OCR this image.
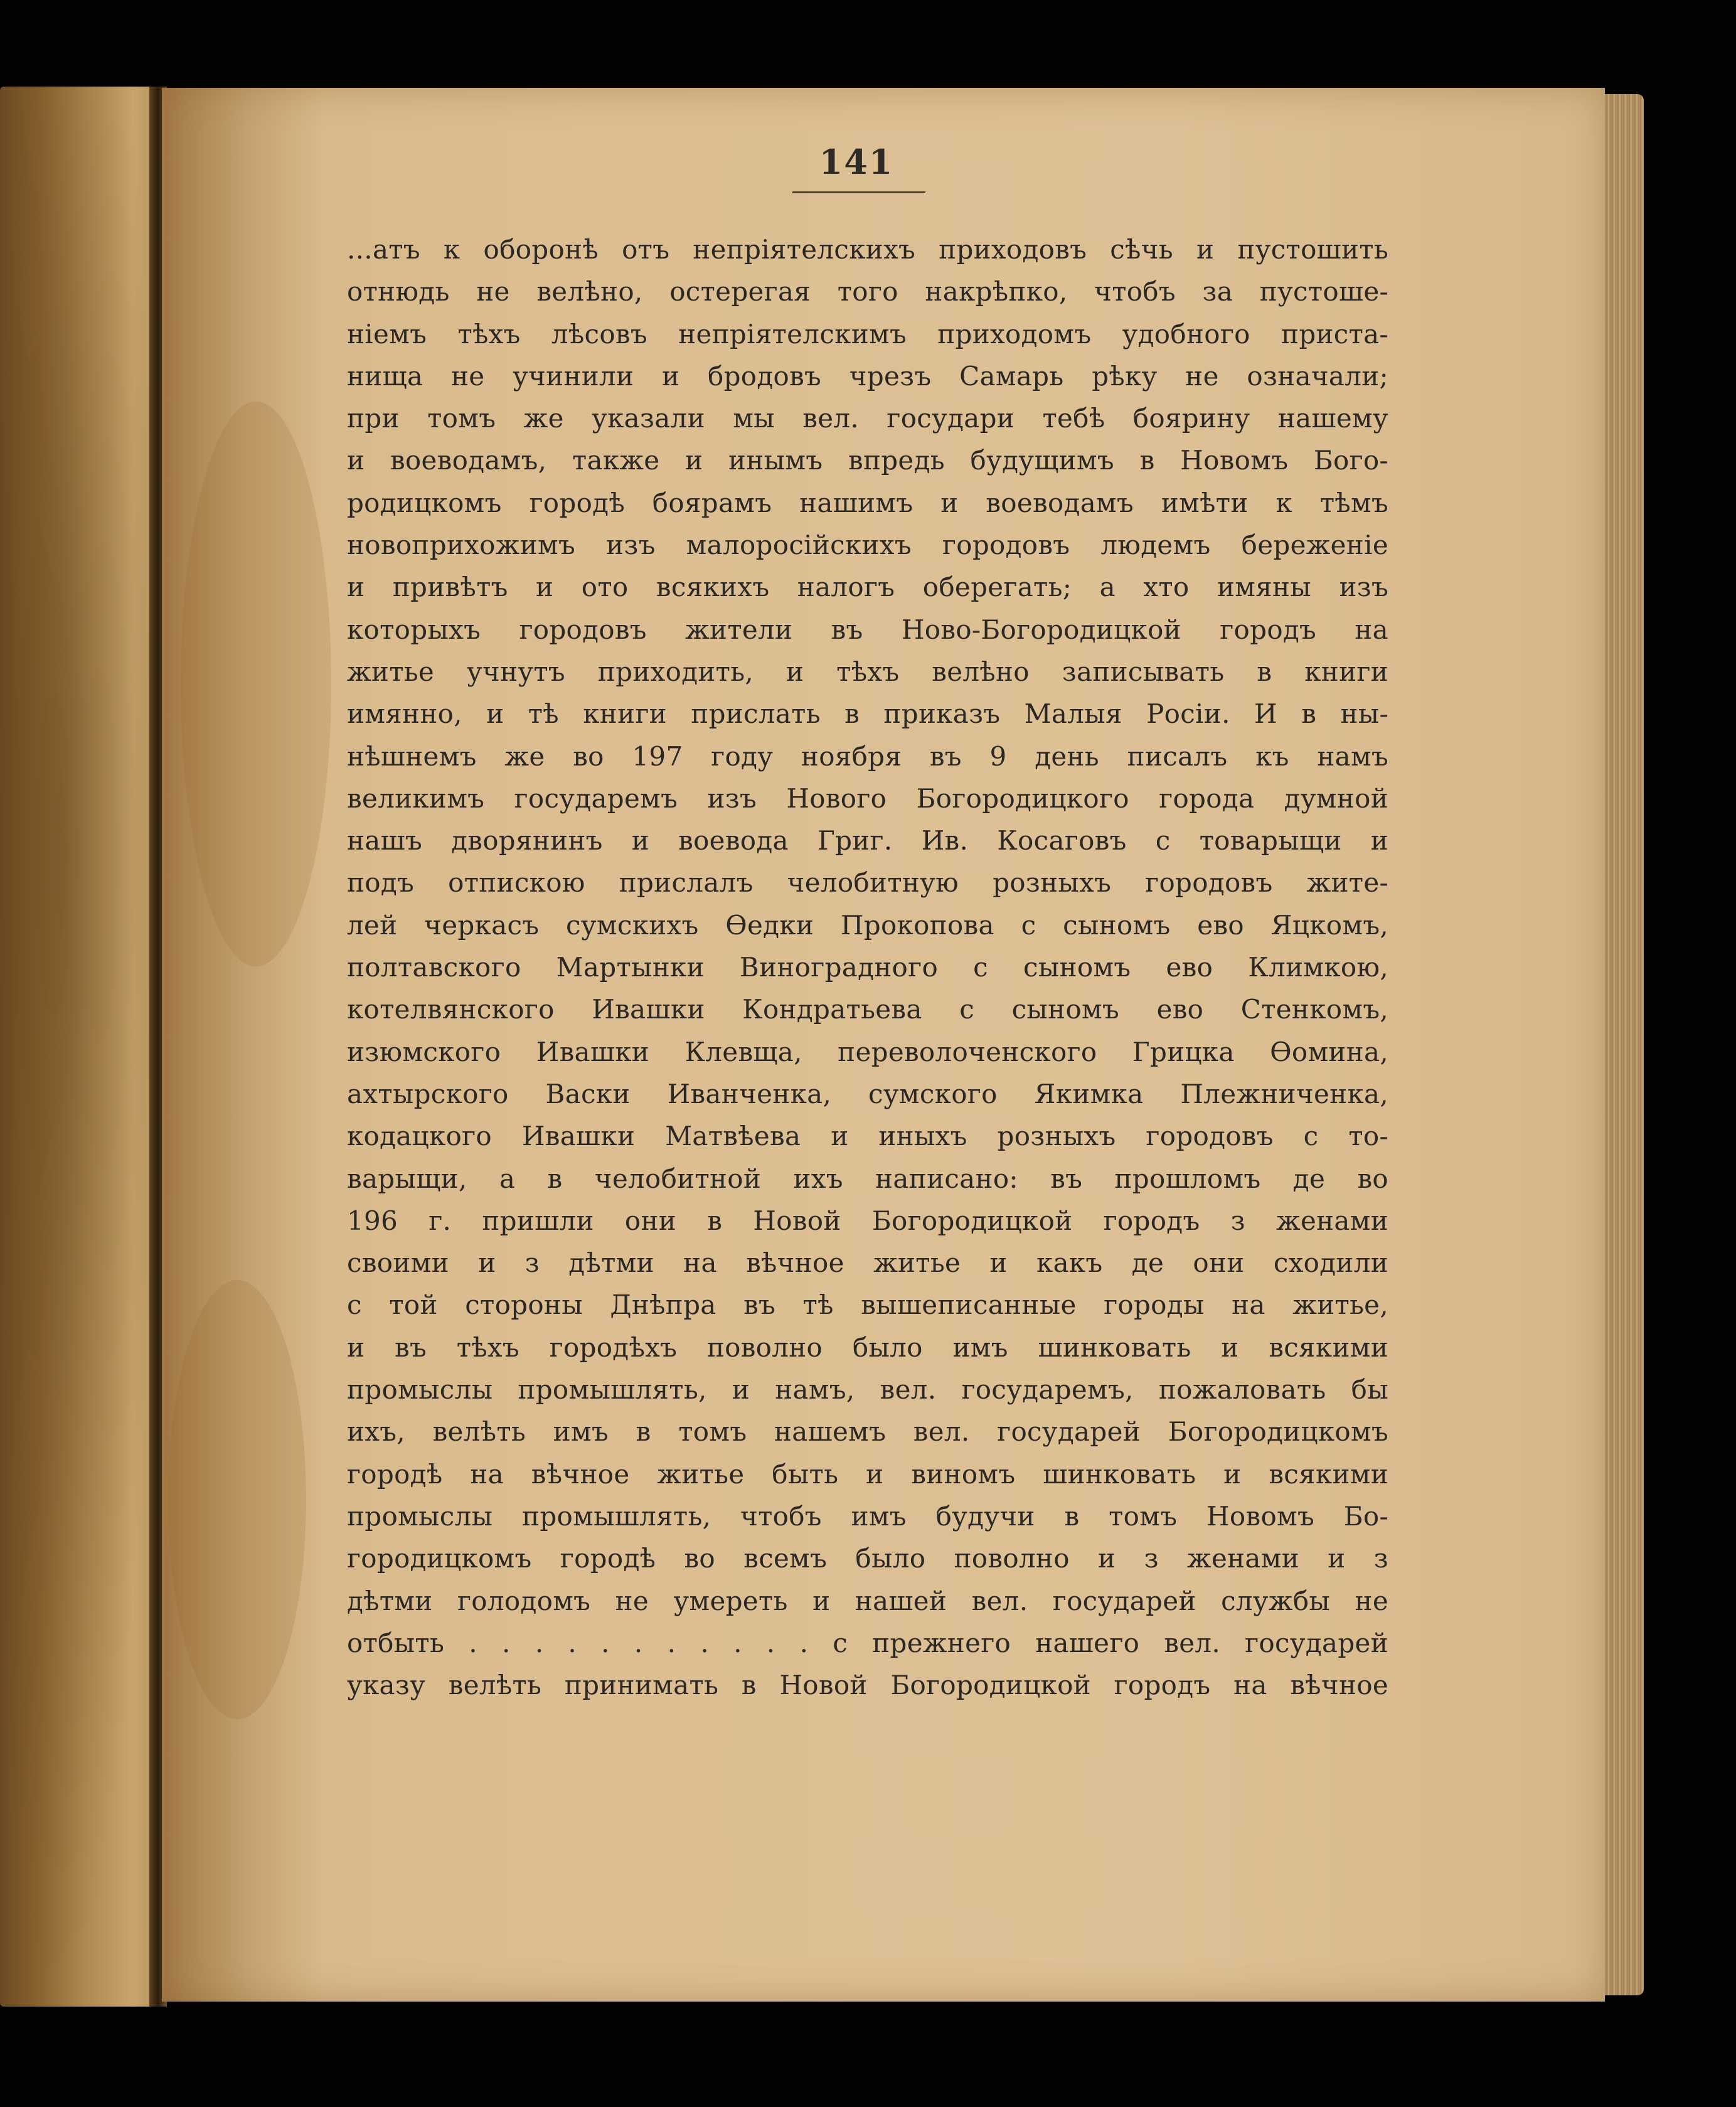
141
...атъ к оборонѣ отъ непріятелскихъ приходовъ сѣчь и пустошить
отнюдь не велѣно, остерегая того накрѣпко, чтобъ за пустоше-
ніемъ тѣхъ лѣсовъ непріятелскимъ приходомъ удобного приста-
нища не учинили и бродовъ чрезъ Самарь рѣку не означали;
при томъ же указали мы вел. государи тебѣ боярину нашему
и воеводамъ, также и инымъ впредь будущимъ в Новомъ Бого-
родицкомъ городѣ боярамъ нашимъ и воеводамъ имѣти к тѣмъ
новоприхожимъ изъ малоросійскихъ городовъ людемъ береженіе
и привѣтъ и ото всякихъ налогъ оберегать; а хто имяны изъ
которыхъ городовъ жители въ Ново-Богородицкой городъ на
житье учнутъ приходить, и тѣхъ велѣно записывать в книги
имянно, и тѣ книги прислать в приказъ Малыя Росіи. И в ны-
нѣшнемъ же во 197 году ноября въ 9 день писалъ къ намъ
великимъ государемъ изъ Нового Богородицкого города думной
нашъ дворянинъ и воевода Григ. Ив. Косаговъ с товарыщи и
подъ отпискою прислалъ челобитную розныхъ городовъ жите-
лей черкасъ сумскихъ Ѳедки Прокопова с сыномъ ево Яцкомъ,
полтавского Мартынки Виноградного с сыномъ ево Климкою,
котелвянского Ивашки Кондратьева с сыномъ ево Стенкомъ,
изюмского Ивашки Клевща, переволоченского Грицка Ѳомина,
ахтырского Васки Иванченка, сумского Якимка Плежниченка,
кодацкого Ивашки Матвѣева и иныхъ розныхъ городовъ с то-
варыщи, а в челобитной ихъ написано: въ прошломъ де во
196 г. пришли они в Новой Богородицкой городъ з женами
своими и з дѣтми на вѣчное житье и какъ де они сходили
с той стороны Днѣпра въ тѣ вышеписанные городы на житье,
и въ тѣхъ городѣхъ поволно было имъ шинковать и всякими
промыслы промышлять, и намъ, вел. государемъ, пожаловать бы
ихъ, велѣть имъ в томъ нашемъ вел. государей Богородицкомъ
городѣ на вѣчное житье быть и виномъ шинковать и всякими
промыслы промышлять, чтобъ имъ будучи в томъ Новомъ Бо-
городицкомъ городѣ во всемъ было поволно и з женами и з
дѣтми голодомъ не умереть и нашей вел. государей службы не
отбыть . . . . . . . . . . . с прежнего нашего вел. государей
указу велѣть принимать в Новой Богородицкой городъ на вѣчное
